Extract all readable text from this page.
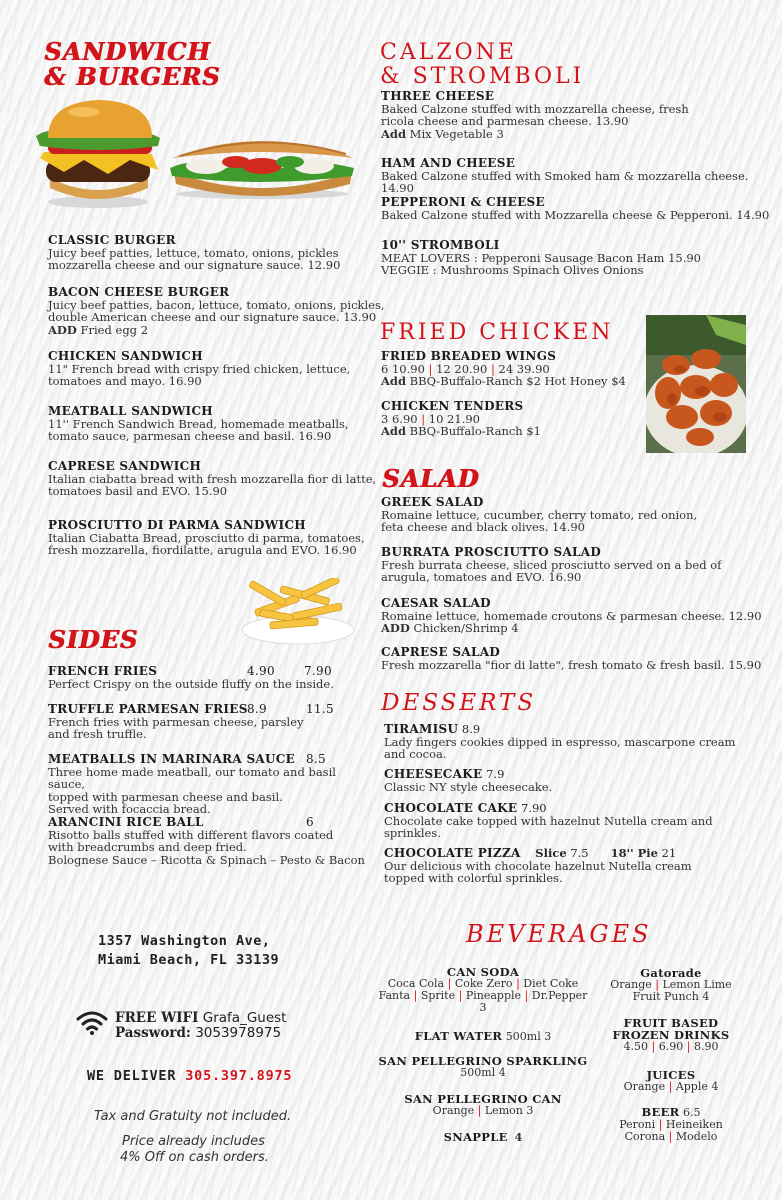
SANDWICH
& BURGERS
CLASSIC BURGER
Juicy beef patties, lettuce, tomato, onions, pickles
mozzarella cheese and our signature sauce. 12.90
BACON CHEESE BURGER
Juicy beef patties, bacon, lettuce, tomato, onions, pickles,
double American cheese and our signature sauce. 13.90
ADD Fried egg 2
CHICKEN SANDWICH
11" French bread with crispy fried chicken, lettuce,
tomatoes and mayo. 16.90
MEATBALL SANDWICH
11'' French Sandwich Bread, homemade meatballs,
tomato sauce, parmesan cheese and basil. 16.90
CAPRESE SANDWICH
Italian ciabatta bread with fresh mozzarella fior di latte,
tomatoes basil and EVO. 15.90
PROSCIUTTO DI PARMA SANDWICH
Italian Ciabatta Bread, prosciutto di parma, tomatoes,
fresh mozzarella, fiordilatte, arugula and EVO. 16.90
SIDES
FRENCH FRIES	4.90 7.90
Perfect Crispy on the outside fluffy on the inside.
TRUFFLE PARMESAN FRIES 8.9	11.5
French fries with parmesan cheese, parsley
and fresh truffle.
MEATBALLS IN MARINARA SAUCE 8.5
Three home made meatball, our tomato and basil sauce,
topped with parmesan cheese and basil.
Served with focaccia bread.
ARANCINI RICE BALL	6
Risotto balls stuffed with different flavors coated
with breadcrumbs and deep fried.
Bolognese Sauce – Ricotta & Spinach – Pesto & Bacon
1357 Washington Ave,
Miami Beach, FL 33139
FREE WIFI Grafa_Guest
Password: 3053978975
WE DELIVER 305.397.8975
Tax and Gratuity not included.
Price already includes
4% Off on cash orders.
CALZONE
& STROMBOLI
THREE CHEESE
Baked Calzone stuffed with mozzarella cheese, fresh
ricola cheese and parmesan cheese. 13.90
Add Mix Vegetable 3
HAM AND CHEESE
Baked Calzone stuffed with Smoked ham & mozzarella cheese. 14.90
PEPPERONI & CHEESE
Baked Calzone stuffed with Mozzarella cheese & Pepperoni. 14.90
10'' STROMBOLI
MEAT LOVERS : Pepperoni Sausage Bacon Ham 15.90
VEGGIE : Mushrooms Spinach Olives Onions
FRIED CHICKEN
FRIED BREADED WINGS
6 10.90 | 12 20.90 | 24 39.90
Add BBQ-Buffalo-Ranch $2 Hot Honey $4
CHICKEN TENDERS
3 6.90 | 10 21.90
Add BBQ-Buffalo-Ranch $1
SALAD
GREEK SALAD
Romaine lettuce, cucumber, cherry tomato, red onion,
feta cheese and black olives. 14.90
BURRATA PROSCIUTTO SALAD
Fresh burrata cheese, sliced prosciutto served on a bed of
arugula, tomatoes and EVO. 16.90
CAESAR SALAD
Romaine lettuce, homemade croutons & parmesan cheese. 12.90
ADD Chicken/Shrimp 4
CAPRESE SALAD
Fresh mozzarella "fior di latte", fresh tomato & fresh basil. 15.90
DESSERTS
TIRAMISU 8.9
Lady fingers cookies dipped in espresso, mascarpone cream
and cocoa.
CHEESECAKE 7.9
Classic NY style cheesecake.
CHOCOLATE CAKE 7.90
Chocolate cake topped with hazelnut Nutella cream and
sprinkles.
CHOCOLATE PIZZA Slice 7.5 18'' Pie 21
Our delicious with chocolate hazelnut Nutella cream
topped with colorful sprinkles.
BEVERAGES
CAN SODA
Coca Cola | Coke Zero | Diet Coke
Fanta | Sprite | Pineapple | Dr.Pepper
3
FLAT WATER 500ml 3
SAN PELLEGRINO SPARKLING
500ml 4
SAN PELLEGRINO CAN
Orange | Lemon 3
SNAPPLE 4
Gatorade
Orange | Lemon Lime
Fruit Punch 4
FRUIT BASED
FROZEN DRINKS
4.50 | 6.90 | 8.90
JUICES
Orange | Apple 4
BEER 6.5
Peroni | Heineiken
Corona | Modelo
